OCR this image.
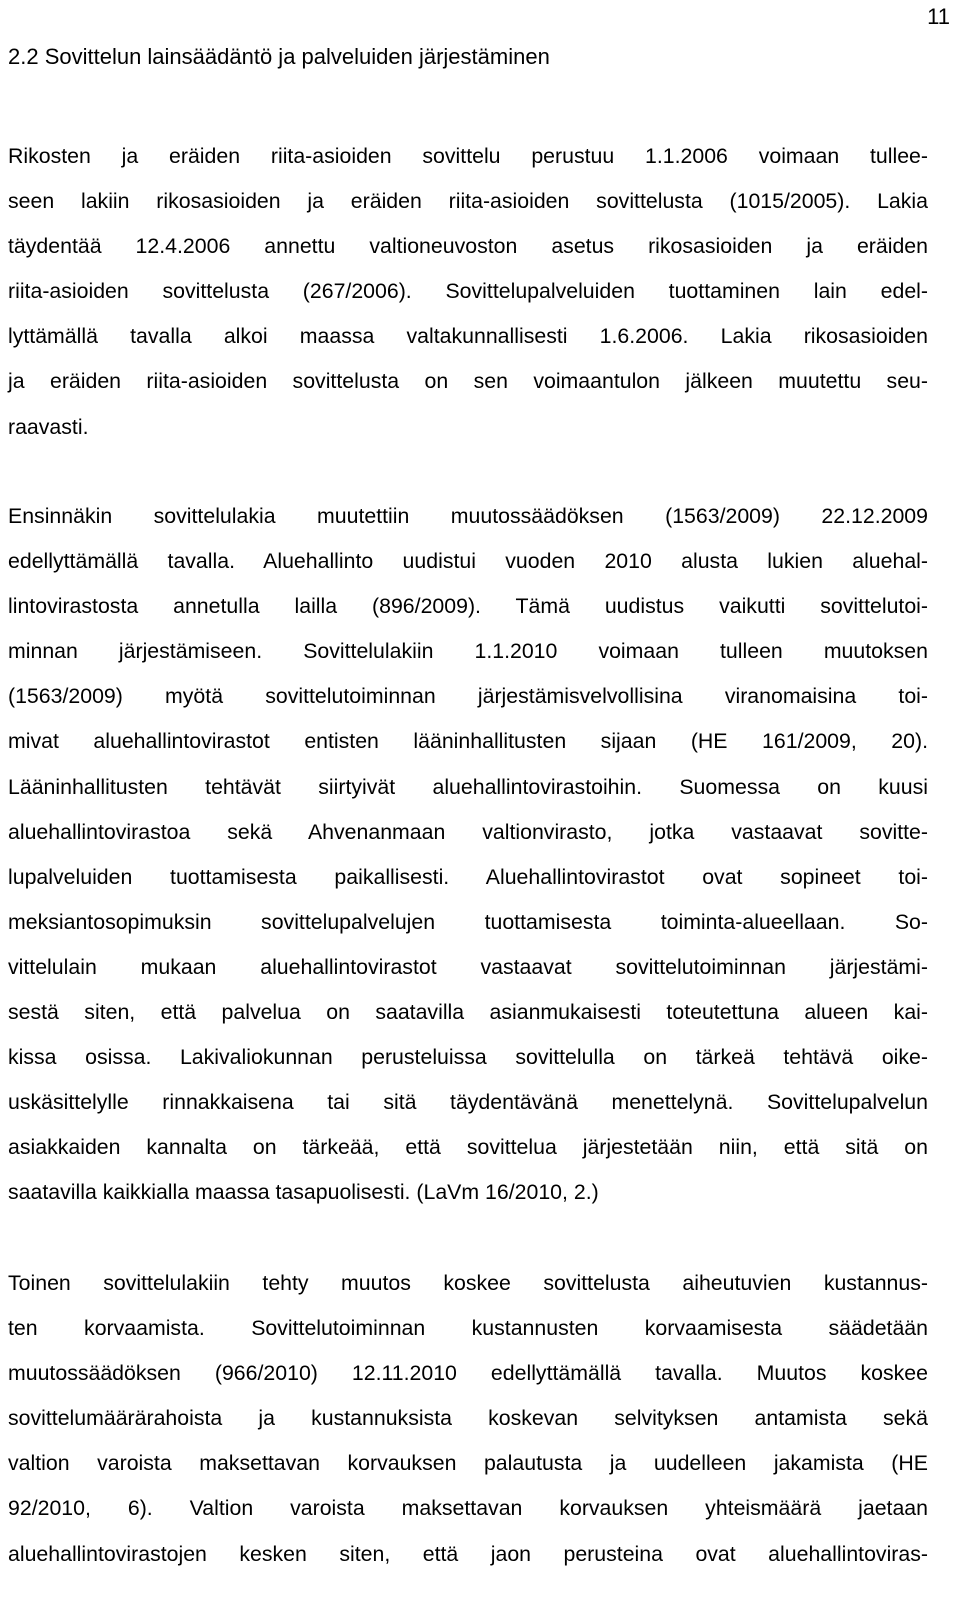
11
2.2 Sovittelun lainsäädäntö ja palveluiden järjestäminen

Rikosten ja eräiden riita-asioiden sovittelu perustuu 1.1.2006 voimaan tullee-
seen lakiin rikosasioiden ja eräiden riita-asioiden sovittelusta (1015/2005). Lakia
täydentää 12.4.2006 annettu valtioneuvoston asetus rikosasioiden ja eräiden
riita-asioiden sovittelusta (267/2006). Sovittelupalveluiden tuottaminen lain edel-
lyttämällä tavalla alkoi maassa valtakunnallisesti 1.6.2006. Lakia rikosasioiden
ja eräiden riita-asioiden sovittelusta on sen voimaantulon jälkeen muutettu seu-
raavasti.

Ensinnäkin sovittelulakia muutettiin muutossäädöksen (1563/2009) 22.12.2009
edellyttämällä tavalla. Aluehallinto uudistui vuoden 2010 alusta lukien aluehal-
lintovirastosta annetulla lailla (896/2009). Tämä uudistus vaikutti sovittelutoi-
minnan järjestämiseen. Sovittelulakiin 1.1.2010 voimaan tulleen muutoksen
(1563/2009) myötä sovittelutoiminnan järjestämisvelvollisina viranomaisina toi-
mivat aluehallintovirastot entisten lääninhallitusten sijaan (HE 161/2009, 20).
Lääninhallitusten tehtävät siirtyivät aluehallintovirastoihin. Suomessa on kuusi
aluehallintovirastoa sekä Ahvenanmaan valtionvirasto, jotka vastaavat sovitte-
lupalveluiden tuottamisesta paikallisesti. Aluehallintovirastot ovat sopineet toi-
meksiantosopimuksin sovittelupalvelujen tuottamisesta toiminta-alueellaan. So-
vittelulain mukaan aluehallintovirastot vastaavat sovittelutoiminnan järjestämi-
sestä siten, että palvelua on saatavilla asianmukaisesti toteutettuna alueen kai-
kissa osissa. Lakivaliokunnan perusteluissa sovittelulla on tärkeä tehtävä oike-
uskäsittelylle rinnakkaisena tai sitä täydentävänä menettelynä. Sovittelupalvelun
asiakkaiden kannalta on tärkeää, että sovittelua järjestetään niin, että sitä on
saatavilla kaikkialla maassa tasapuolisesti. (LaVm 16/2010, 2.)

Toinen sovittelulakiin tehty muutos koskee sovittelusta aiheutuvien kustannus-
ten korvaamista. Sovittelutoiminnan kustannusten korvaamisesta säädetään
muutossäädöksen (966/2010) 12.11.2010 edellyttämällä tavalla. Muutos koskee
sovittelumäärärahoista ja kustannuksista koskevan selvityksen antamista sekä
valtion varoista maksettavan korvauksen palautusta ja uudelleen jakamista (HE
92/2010, 6). Valtion varoista maksettavan korvauksen yhteismäärä jaetaan
aluehallintovirastojen kesken siten, että jaon perusteina ovat aluehallintoviras-
